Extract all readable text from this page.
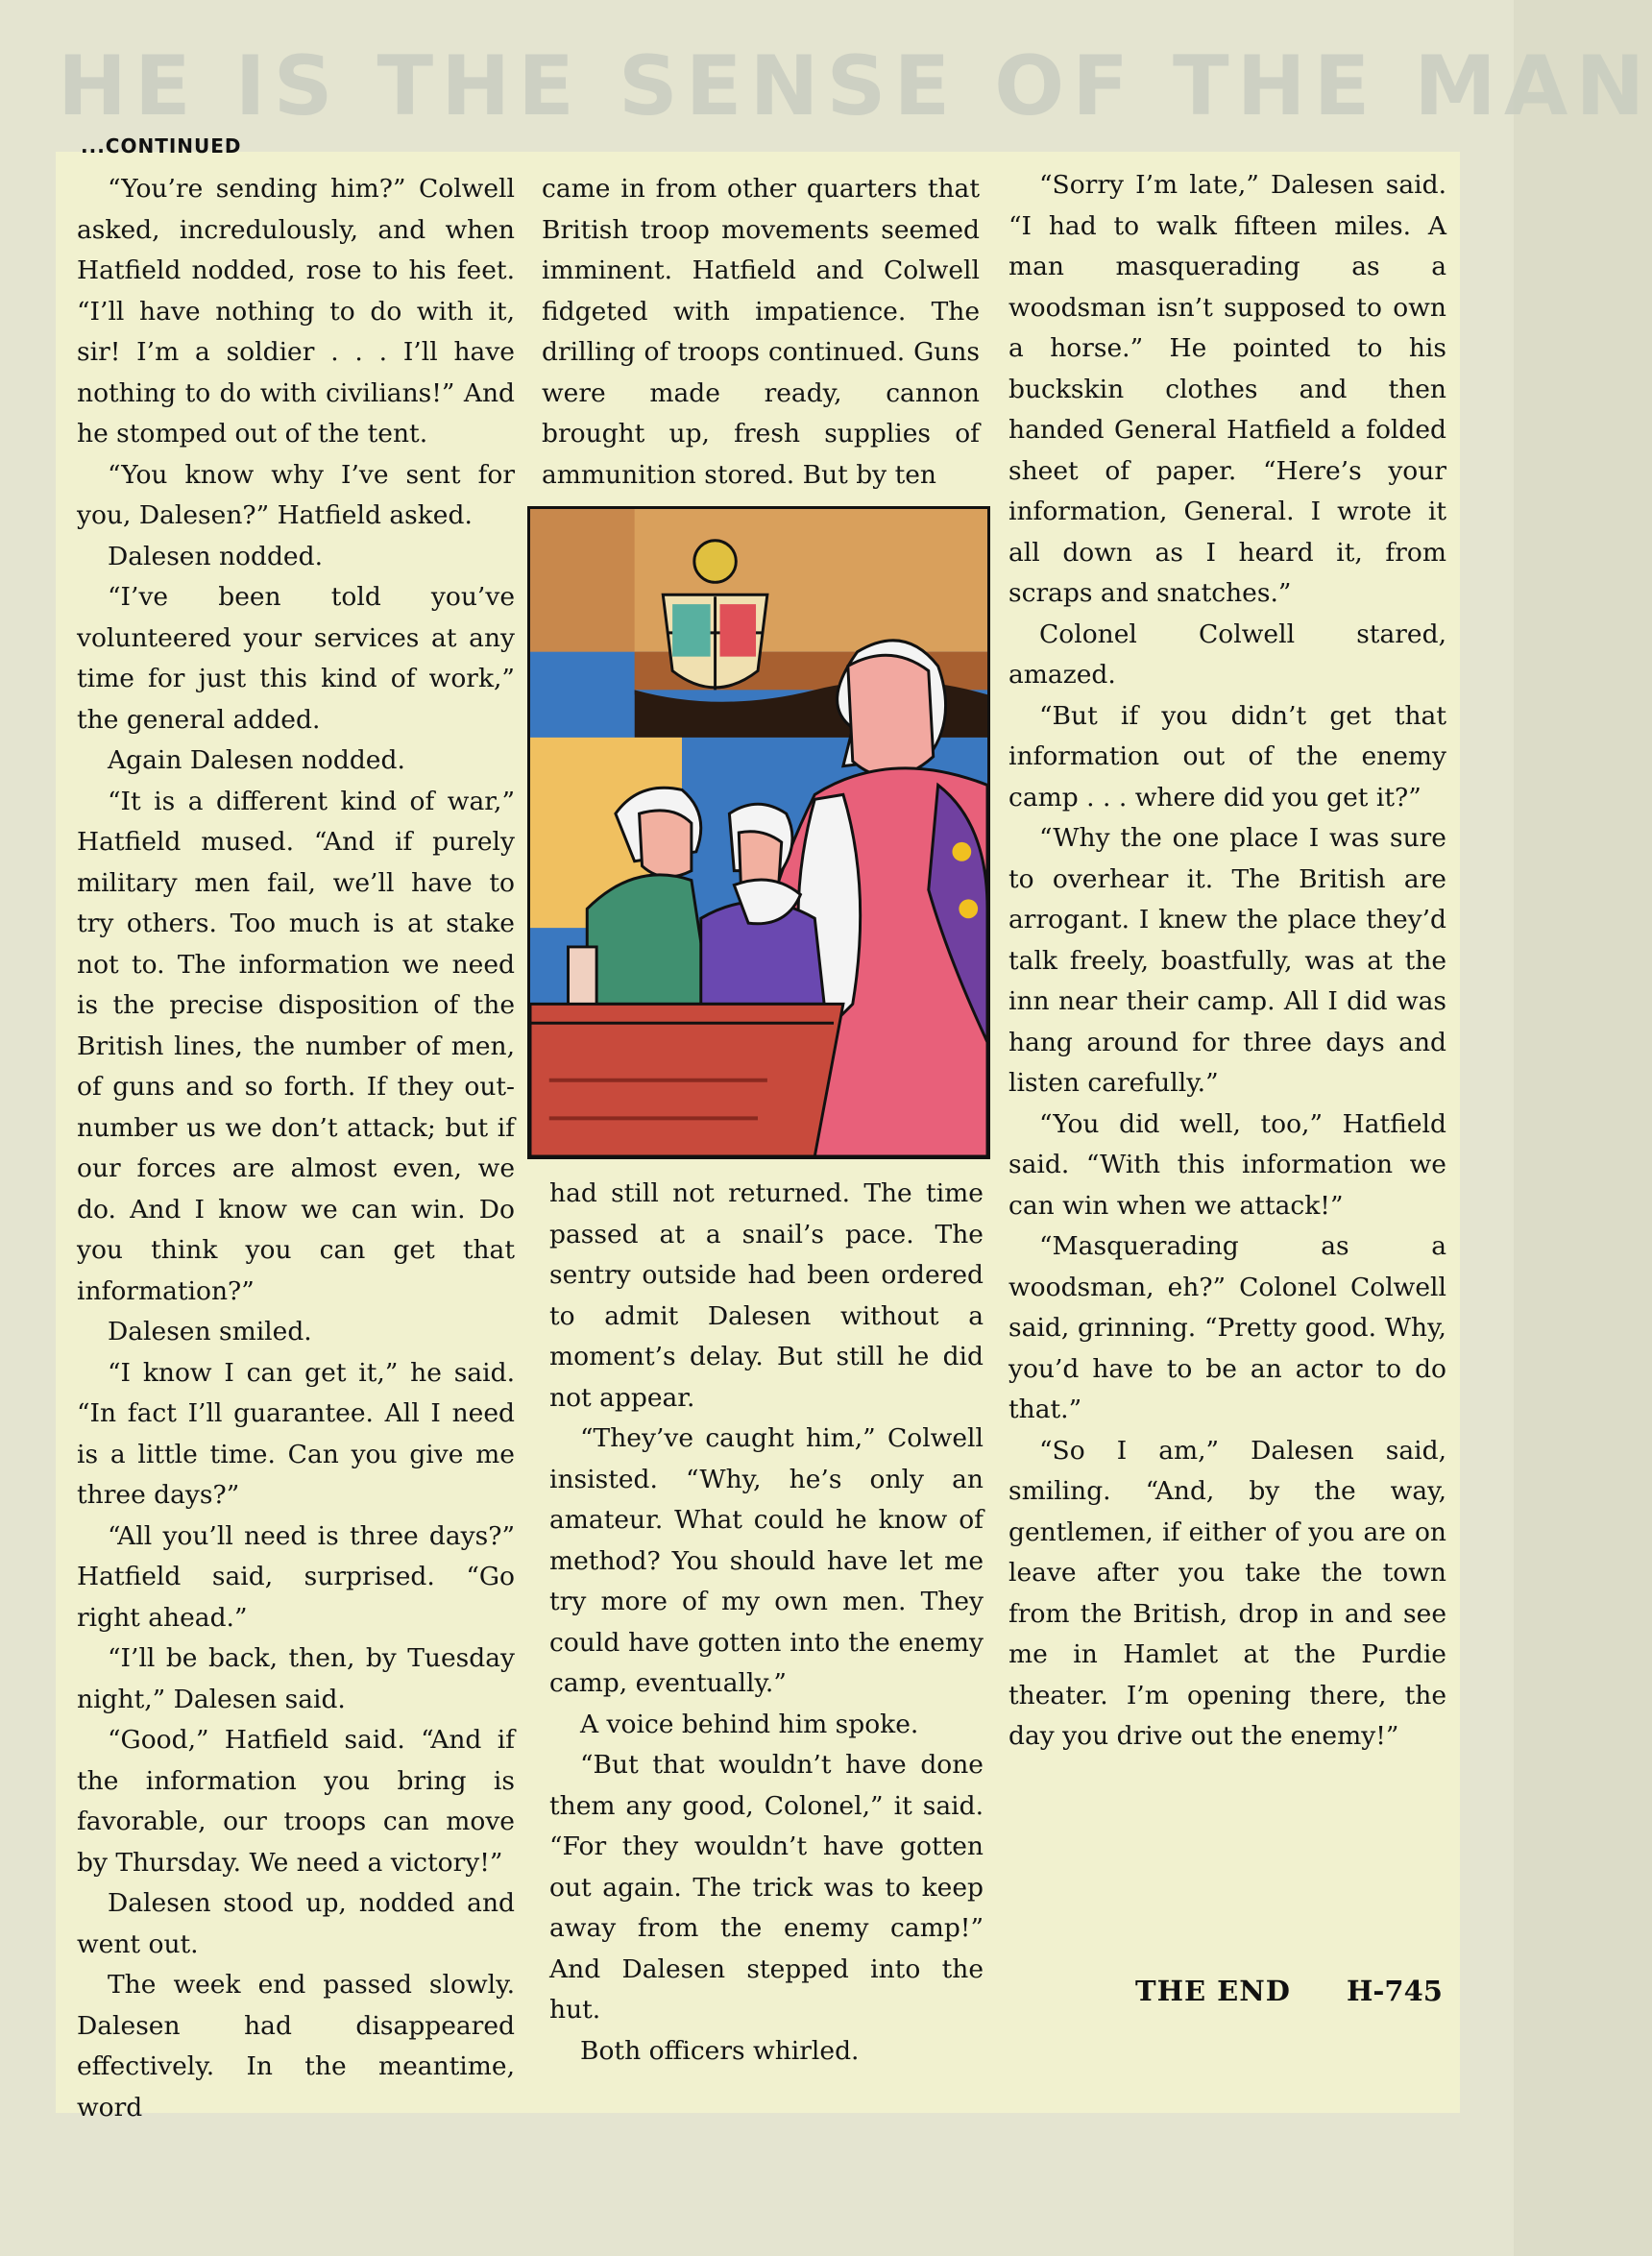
HE IS THE SENSE OF THE MAN
...CONTINUED

“You’re sending him?” Colwell asked, incredulously, and when Hatfield nodded, rose to his feet. “I’ll have nothing to do with it, sir! I’m a soldier . . . I’ll have nothing to do with civilians!” And he stomped out of the tent.

“You know why I’ve sent for you, Dalesen?” Hatfield asked.

Dalesen nodded.

“I’ve been told you’ve volunteered your services at any time for just this kind of work,” the general added.

Again Dalesen nodded.

“It is a different kind of war,” Hatfield mused. “And if purely military men fail, we’ll have to try others. Too much is at stake not to. The information we need is the precise disposition of the British lines, the number of men, of guns and so forth. If they out-number us we don’t attack; but if our forces are almost even, we do. And I know we can win. Do you think you can get that information?”

Dalesen smiled.

“I know I can get it,” he said. “In fact I’ll guarantee. All I need is a little time. Can you give me three days?”

“All you’ll need is three days?” Hatfield said, surprised. “Go right ahead.”

“I’ll be back, then, by Tuesday night,” Dalesen said.

“Good,” Hatfield said. “And if the information you bring is favorable, our troops can move by Thursday. We need a victory!”

Dalesen stood up, nodded and went out.

The week end passed slowly. Dalesen had disappeared effectively. In the meantime, word

came in from other quarters that British troop movements seemed imminent. Hatfield and Colwell fidgeted with impatience. The drilling of troops continued. Guns were made ready, cannon brought up, fresh supplies of ammunition stored. But by ten

had still not returned. The time passed at a snail’s pace. The sentry outside had been ordered to admit Dalesen without a moment’s delay. But still he did not appear.

“They’ve caught him,” Colwell insisted. “Why, he’s only an amateur. What could he know of method? You should have let me try more of my own men. They could have gotten into the enemy camp, eventually.”

A voice behind him spoke.

“But that wouldn’t have done them any good, Colonel,” it said. “For they wouldn’t have gotten out again. The trick was to keep away from the enemy camp!” And Dalesen stepped into the hut.

Both officers whirled.

“Sorry I’m late,” Dalesen said. “I had to walk fifteen miles. A man masquerading as a woodsman isn’t supposed to own a horse.” He pointed to his buckskin clothes and then handed General Hatfield a folded sheet of paper. “Here’s your information, General. I wrote it all down as I heard it, from scraps and snatches.”

Colonel Colwell stared, amazed.

“But if you didn’t get that information out of the enemy camp . . . where did you get it?”

“Why the one place I was sure to overhear it. The British are arrogant. I knew the place they’d talk freely, boastfully, was at the inn near their camp. All I did was hang around for three days and listen carefully.”

“You did well, too,” Hatfield said. “With this information we can win when we attack!”

“Masquerading as a woodsman, eh?” Colonel Colwell said, grinning. “Pretty good. Why, you’d have to be an actor to do that.”

“So I am,” Dalesen said, smiling. “And, by the way, gentlemen, if either of you are on leave after you take the town from the British, drop in and see me in Hamlet at the Purdie theater. I’m opening there, the day you drive out the enemy!”

THE END H-745
